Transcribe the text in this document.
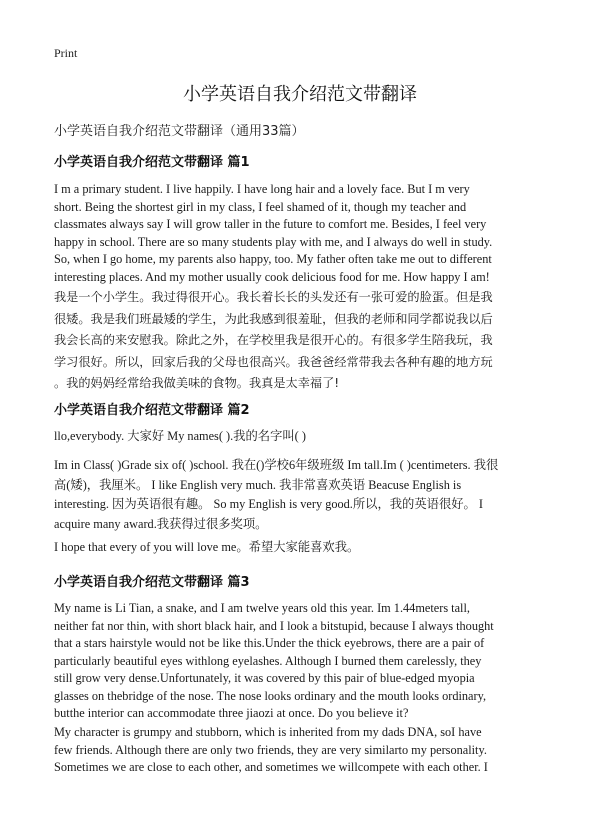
Print
小学英语自我介绍范文带翻译
小学英语自我介绍范文带翻译（通用33篇）
小学英语自我介绍范文带翻译 篇1

I m a primary student. I live happily. I have long hair and a lovely face. But I m very
short. Being the shortest girl in my class, I feel shamed of it, though my teacher and
classmates always say I will grow taller in the future to comfort me. Besides, I feel very
happy in school. There are so many students play with me, and I always do well in study.
So, when I go home, my parents also happy, too. My father often take me out to different
interesting places. And my mother usually cook delicious food for me. How happy I am!

我是一个小学生。我过得很开心。我长着长长的头发还有一张可爱的脸蛋。但是我
很矮。我是我们班最矮的学生，为此我感到很羞耻，但我的老师和同学都说我以后
我会长高的来安慰我。除此之外，在学校里我是很开心的。有很多学生陪我玩，我
学习很好。所以，回家后我的父母也很高兴。我爸爸经常带我去各种有趣的地方玩
。我的妈妈经常给我做美味的食物。我真是太幸福了!

小学英语自我介绍范文带翻译 篇2

llo,everybody. 大家好 My names( ).我的名字叫( )

Im in Class( )Grade six of( )school. 我在()学校6年级班级 Im tall.Im ( )centimeters. 我很
高(矮)，我厘米。 I like English very much. 我非常喜欢英语 Beacuse English is
interesting. 因为英语很有趣。 So my English is very good.所以，我的英语很好。 I
acquire many award.我获得过很多奖项。

I hope that every of you will love me。希望大家能喜欢我。

小学英语自我介绍范文带翻译 篇3

My name is Li Tian, a snake, and I am twelve years old this year. Im 1.44meters tall,
neither fat nor thin, with short black hair, and I look a bitstupid, because I always thought
that a stars hairstyle would not be like this.Under the thick eyebrows, there are a pair of
particularly beautiful eyes withlong eyelashes. Although I burned them carelessly, they
still grow very dense.Unfortunately, it was covered by this pair of blue-edged myopia
glasses on thebridge of the nose. The nose looks ordinary and the mouth looks ordinary,
butthe interior can accommodate three jiaozi at once. Do you believe it?

My character is grumpy and stubborn, which is inherited from my dads DNA, soI have
few friends. Although there are only two friends, they are very similarto my personality.
Sometimes we are close to each other, and sometimes we willcompete with each other. I
